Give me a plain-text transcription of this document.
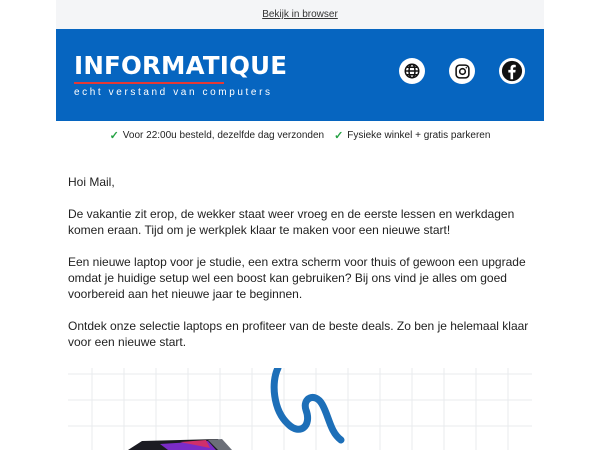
Bekijk in browser
INFORMATIQUE
echt verstand van computers
✓ Voor 22:00u besteld, dezelfde dag verzonden ✓ Fysieke winkel + gratis parkeren

Hoi Mail,

De vakantie zit erop, de wekker staat weer vroeg en de eerste lessen en werkdagen komen eraan. Tijd om je werkplek klaar te maken voor een nieuwe start!

Een nieuwe laptop voor je studie, een extra scherm voor thuis of gewoon een upgrade omdat je huidige setup wel een boost kan gebruiken? Bij ons vind je alles om goed voorbereid aan het nieuwe jaar te beginnen.

Ontdek onze selectie laptops en profiteer van de beste deals. Zo ben je helemaal klaar voor een nieuwe start.
